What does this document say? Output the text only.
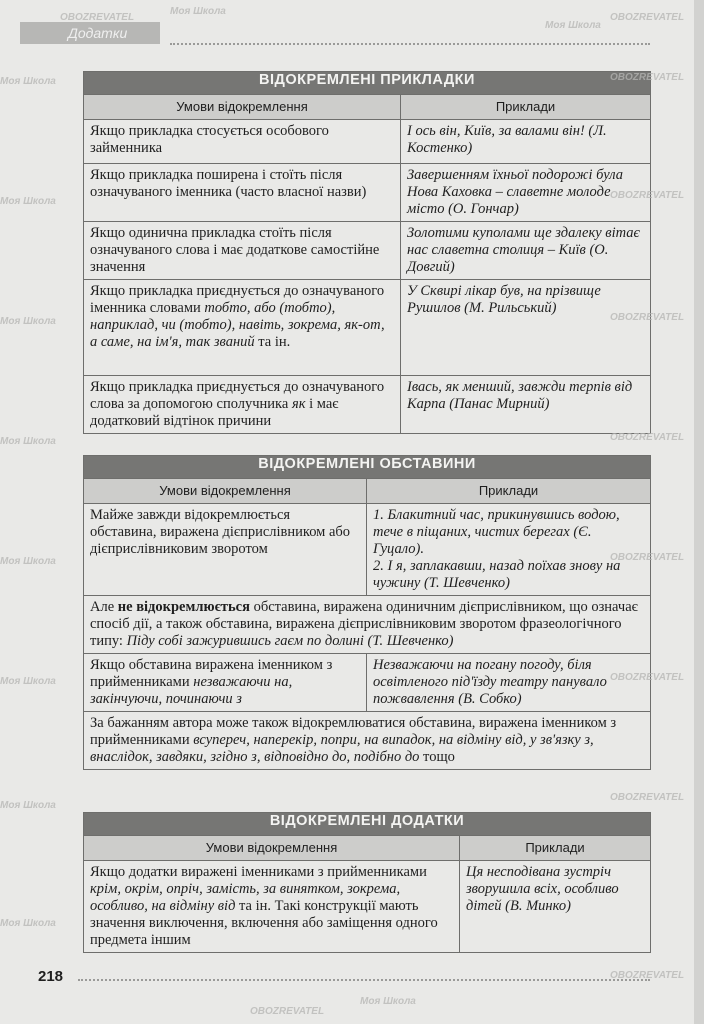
Додатки
ВІДОКРЕМЛЕНІ ПРИКЛАДКИ	
Умови відокремлення	Приклади
Якщо прикладка стосується особового займенника	І ось він, Київ, за валами він! (Л. Костенко)
Якщо прикладка поширена і стоїть після означуваного іменника (часто власної назви)	Завершенням їхньої подорожі була Нова Каховка – славетне молоде місто (О. Гончар)
Якщо одинична прикладка стоїть після означуваного слова і має додаткове самостійне значення	Золотими куполами ще здалеку вітає нас славетна столиця – Київ (О. Довгий)
Якщо прикладка приєднується до означуваного іменника словами тобто, або (тобто), наприклад, чи (тобто), навіть, зокрема, як-от, а саме, на ім'я, так званий та ін.	У Сквирі лікар був, на прізвище Рушилов (М. Рильський)
Якщо прикладка приєднується до означуваного слова за допомогою сполучника як і має додатковий відтінок причини	Івась, як менший, завжди терпів від Карпа (Панас Мирний)
ВІДОКРЕМЛЕНІ ОБСТАВИНИ	
Умови відокремлення	Приклади
Майже завжди відокремлюється обставина, виражена дієприслівником або дієприслівниковим зворотом	1. Блакитний час, прикинувшись водою, тече в піщаних, чистих берегах (Є. Гуцало).
2. І я, заплакавши, назад поїхав знову на чужину (Т. Шевченко)

Але не відокремлюється обставина, виражена одиничним дієприслівником, що означає спосіб дії, а також обставина, виражена дієприслівниковим зворотом фразеологічного типу: Піду собі зажурившись гаєм по долині (Т. Шевченко)	
Якщо обставина виражена іменником з прийменниками незважаючи на, закінчуючи, починаючи з	Незважаючи на погану погоду, біля освітленого під'їзду театру панувало пожвавлення (В. Собко)
За бажанням автора може також відокремлюватися обставина, виражена іменником з прийменниками всупереч, наперекір, попри, на випадок, на відміну від, у зв'язку з, внаслідок, завдяки, згідно з, відповідно до, подібно до тощо	
ВІДОКРЕМЛЕНІ ДОДАТКИ	
Умови відокремлення	Приклади
Якщо додатки виражені іменниками з прийменниками крім, окрім, опріч, замість, за винятком, зокрема, особливо, на відміну від та ін. Такі конструкції мають значення виключення, включення або заміщення одного предмета іншим	Ця несподівана зустріч зворушила всіх, особливо дітей (В. Минко)
218
Моя Школа
OBOZREVATEL	OBOZREVATEL
Моя Школа
Моя Школа	OBOZREVATEL
Моя Школа
OBOZREVATEL
Моя Школа	OBOZREVATEL
Моя Школа	OBOZREVATEL
Моя Школа	OBOZREVATEL
Моя Школа	OBOZREVATEL
Моя Школа
OBOZREVATEL
Моя Школа
OBOZREVATEL
Моя Школа
OBOZREVATEL
